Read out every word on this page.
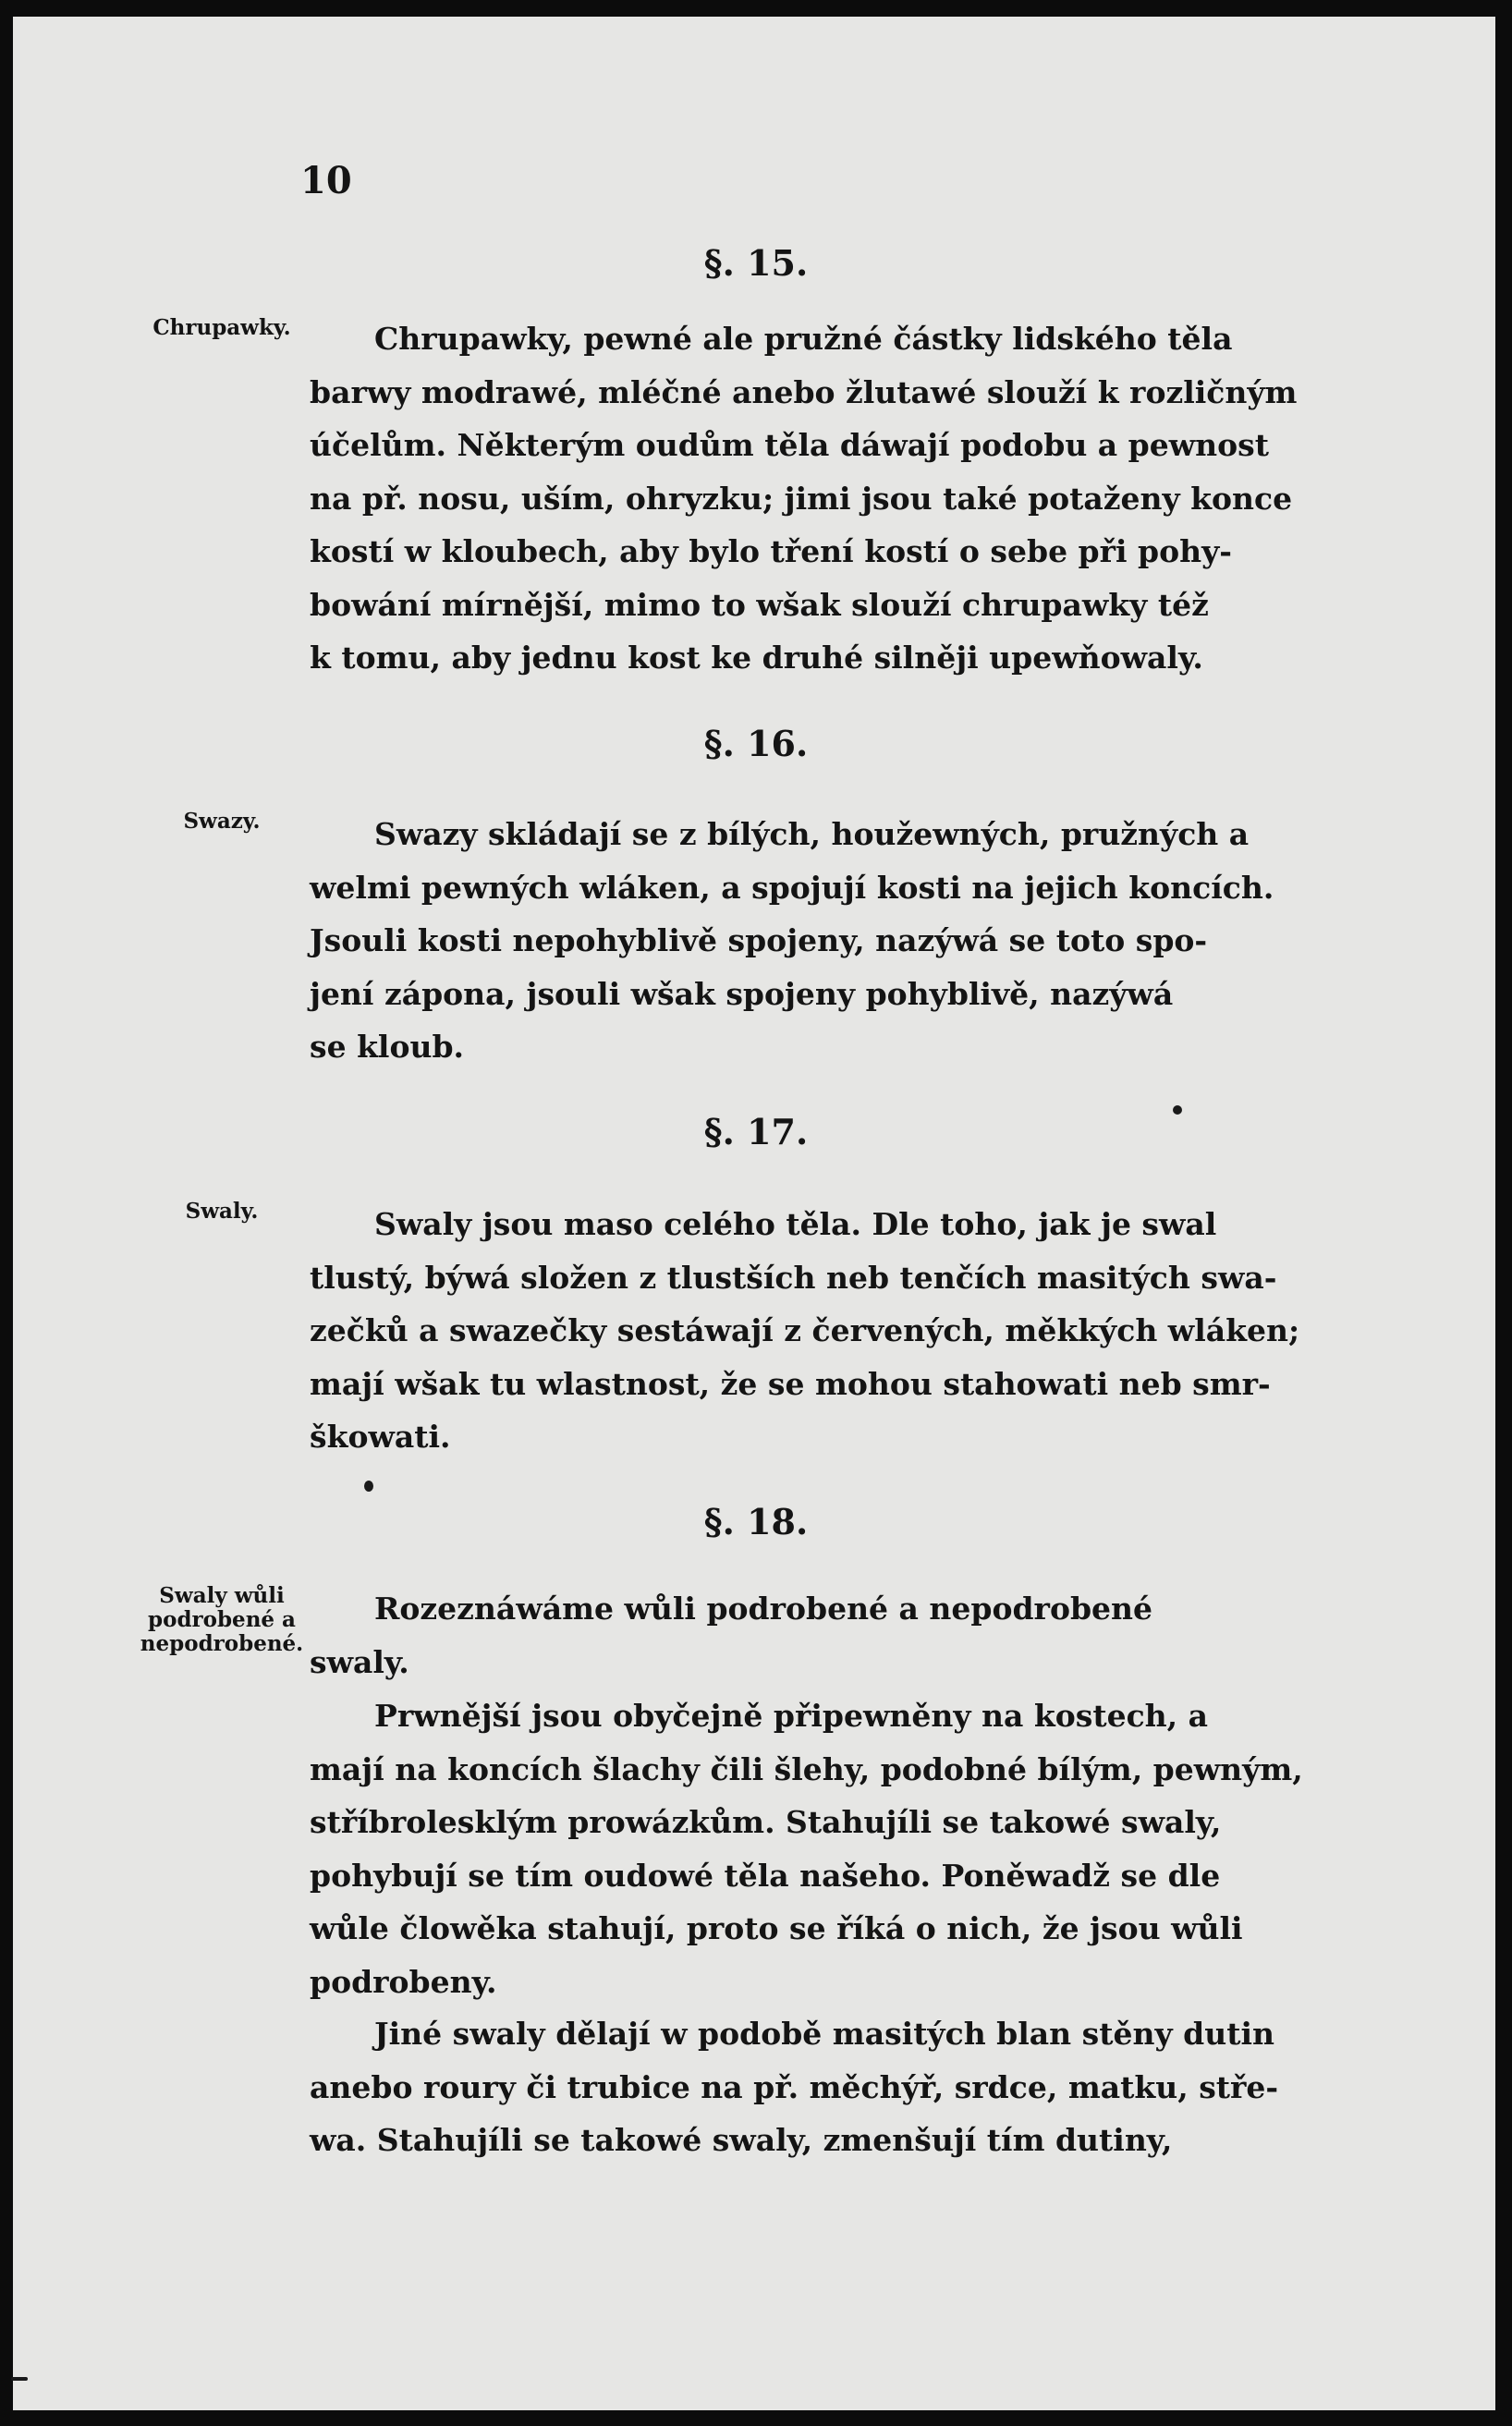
10
§. 15.
Chrupawky.	Chrupawky, pewné ale pružné částky lidského těla
barwy modrawé, mléčné anebo žlutawé slouží k rozličným
účelům. Některým oudům těla dáwají podobu a pewnost
na př. nosu, uším, ohryzku; jimi jsou také potaženy konce
kostí w kloubech, aby bylo tření kostí o sebe při pohy-
bowání mírnější, mimo to wšak slouží chrupawky též
k tomu, aby jednu kost ke druhé silněji upewňowaly.
§. 16.
Swazy.	Swazy skládají se z bílých, houžewných, pružných a
welmi pewných wláken, a spojují kosti na jejich koncích.
Jsouli kosti nepohyblivě spojeny, nazýwá se toto spo-
jení zápona, jsouli wšak spojeny pohyblivě, nazýwá
se kloub.
§. 17.
Swaly.	Swaly jsou maso celého těla. Dle toho, jak je swal
tlustý, býwá složen z tlustších neb tenčích masitých swa-
zečků a swazečky sestáwají z červených, měkkých wláken;
mají wšak tu wlastnost, že se mohou stahowati neb smr-
škowati.
§. 18.
Swaly wůli podrobené a nepodrobené.
Rozeznáwáme wůli podrobené a nepodrobené
swaly.
Prwnější jsou obyčejně připewněny na kostech, a
mají na koncích šlachy čili šlehy, podobné bílým, pewným,
stříbrolesklým prowázkům. Stahujíli se takowé swaly,
pohybují se tím oudowé těla našeho. Poněwadž se dle
wůle člowěka stahují, proto se říká o nich, že jsou wůli
podrobeny.
Jiné swaly dělají w podobě masitých blan stěny dutin
anebo roury či trubice na př. měchýř, srdce, matku, stře-
wa. Stahujíli se takowé swaly, zmenšují tím dutiny,
